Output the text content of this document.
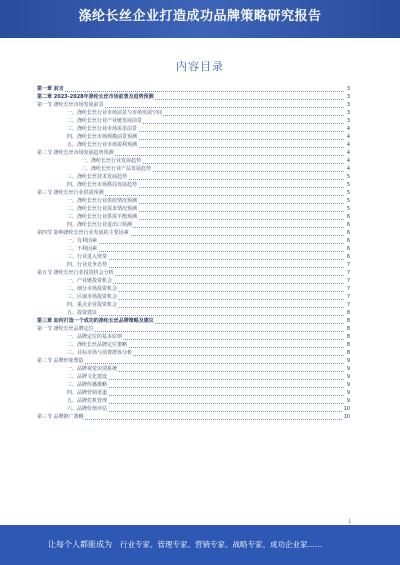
涤纶长丝企业打造成功品牌策略研究报告
内容目录
第一章 前言	3
第二章 2023-2028年涤纶长丝市场前景及趋势预测	3
第一节 涤纶长丝市场发展前景	3
一、涤纶长丝行业市场前景与市场发展空间	3
二、涤纶长丝行业产业链发展前景	3
三、涤纶长丝行业市场需求前景	4
四、涤纶长丝市场规模前景预测	4
五、涤纶长丝行业市场盈利预测	4
第二节 涤纶长丝市场发展趋势预测	4
一、涤纶长丝行业发展趋势	4
二、涤纶长丝行业产品发展趋势	4
三、涤纶长丝技术发展趋势	5
四、涤纶长丝市场格局发展趋势	5
第三节 涤纶长丝行业供需预测	5
一、涤纶长丝行业供给情况预测	5
二、涤纶长丝行业需求情况预测	5
三、涤纶长丝行业供需平衡预测	6
四、涤纶长丝行业进出口预测	6
第四节 影响涤纶长丝行业发展的主要因素	6
一、有利因素	6
二、不利因素	6
三、行业进入壁垒	6
四、行业竞争态势	7
第五节 涤纶长丝行业投资机会分析	7
一、产业链投资机会	7
二、细分市场投资机会	7
三、区域市场投资机会	7
四、重点企业投资机会	7
五、投资建议	8
第三章 如何打造一个成功的涤纶长丝品牌策略及建议	8
第一节 涤纶长丝品牌定位	8
一、品牌定位的基本原则	8
二、涤纶长丝品牌定位策略	8
三、目标市场与消费群体分析	8
第二节 品牌形象塑造	9
一、品牌视觉识别系统	9
二、品牌文化建设	9
三、品牌传播策略	9
四、品牌营销渠道	9
五、品牌危机管理	9
六、品牌价值评估	10
第三节 品牌推广策略	10
1
让每个人都能成为 行业专家、管理专家、营销专家、战略专家、成功企业家……
